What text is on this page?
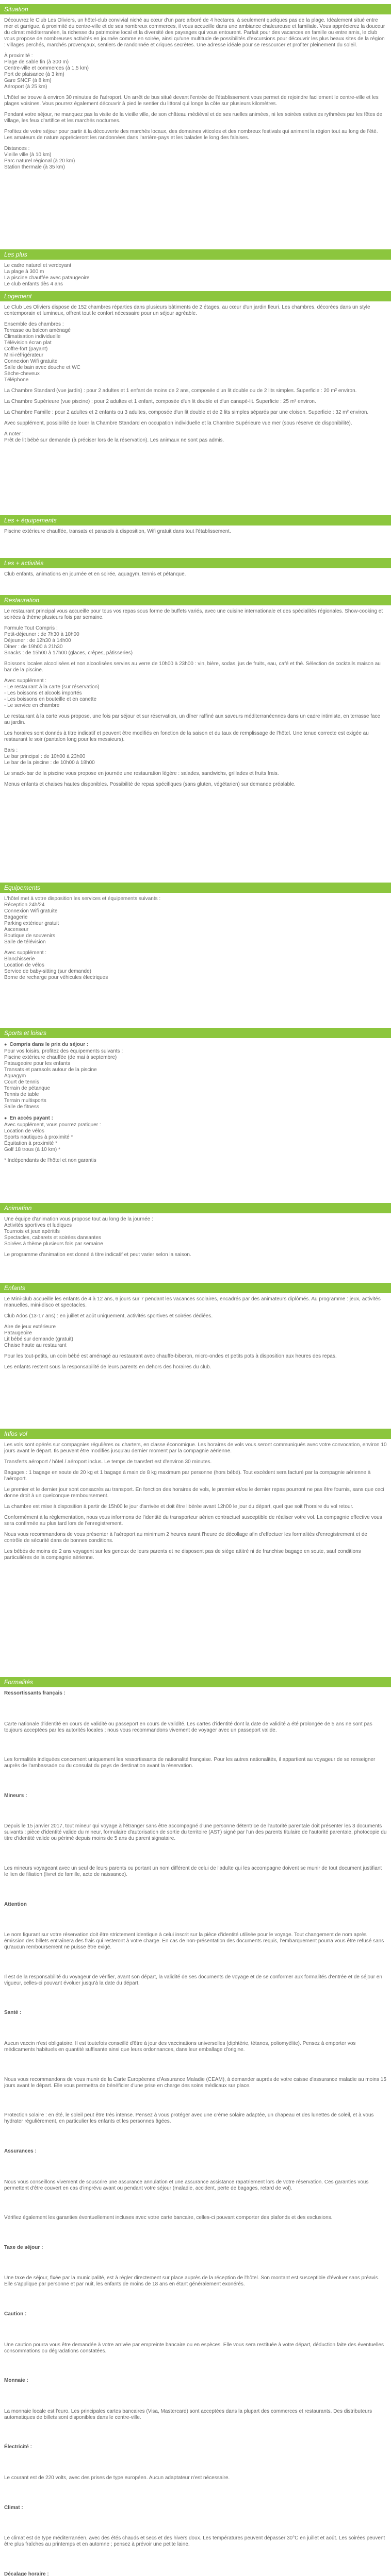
Situation
Découvrez le Club Les Oliviers, un hôtel-club convivial niché au cœur d'un parc arboré de 4 hectares, à seulement quelques pas de la plage. Idéalement situé entre mer et garrigue, à proximité du centre-ville et de ses nombreux commerces, il vous accueille dans une ambiance chaleureuse et familiale. Vous apprécierez la douceur du climat méditerranéen, la richesse du patrimoine local et la diversité des paysages qui vous entourent. Parfait pour des vacances en famille ou entre amis, le club vous propose de nombreuses activités en journée comme en soirée, ainsi qu'une multitude de possibilités d'excursions pour découvrir les plus beaux sites de la région : villages perchés, marchés provençaux, sentiers de randonnée et criques secrètes. Une adresse idéale pour se ressourcer et profiter pleinement du soleil.
À proximité :
Plage de sable fin (à 300 m)
Centre-ville et commerces (à 1,5 km)
Port de plaisance (à 3 km)
Gare SNCF (à 8 km)
Aéroport (à 25 km)
L'hôtel se trouve à environ 30 minutes de l'aéroport. Un arrêt de bus situé devant l'entrée de l'établissement vous permet de rejoindre facilement le centre-ville et les plages voisines. Vous pourrez également découvrir à pied le sentier du littoral qui longe la côte sur plusieurs kilomètres.
Pendant votre séjour, ne manquez pas la visite de la vieille ville, de son château médiéval et de ses ruelles animées, ni les soirées estivales rythmées par les fêtes de village, les feux d'artifice et les marchés nocturnes.
Profitez de votre séjour pour partir à la découverte des marchés locaux, des domaines viticoles et des nombreux festivals qui animent la région tout au long de l'été. Les amateurs de nature apprécieront les randonnées dans l'arrière-pays et les balades le long des falaises.
Distances :
Vieille ville (à 10 km)
Parc naturel régional (à 20 km)
Station thermale (à 35 km)
Les plus
Le cadre naturel et verdoyant
La plage à 300 m
La piscine chauffée avec pataugeoire
Le club enfants dès 4 ans
Logement
Le Club Les Oliviers dispose de 152 chambres réparties dans plusieurs bâtiments de 2 étages, au cœur d'un jardin fleuri. Les chambres, décorées dans un style contemporain et lumineux, offrent tout le confort nécessaire pour un séjour agréable.
Ensemble des chambres :
Terrasse ou balcon aménagé
Climatisation individuelle
Télévision écran plat
Coffre-fort (payant)
Mini-réfrigérateur
Connexion Wifi gratuite
Salle de bain avec douche et WC
Sèche-cheveux
Téléphone
La Chambre Standard (vue jardin) : pour 2 adultes et 1 enfant de moins de 2 ans, composée d'un lit double ou de 2 lits simples. Superficie : 20 m² environ.
La Chambre Supérieure (vue piscine) : pour 2 adultes et 1 enfant, composée d'un lit double et d'un canapé-lit. Superficie : 25 m² environ.
La Chambre Famille : pour 2 adultes et 2 enfants ou 3 adultes, composée d'un lit double et de 2 lits simples séparés par une cloison. Superficie : 32 m² environ.
Avec supplément, possibilité de louer la Chambre Standard en occupation individuelle et la Chambre Supérieure vue mer (sous réserve de disponibilité).
À noter :
Prêt de lit bébé sur demande (à préciser lors de la réservation). Les animaux ne sont pas admis.
Les + équipements
Piscine extérieure chauffée, transats et parasols à disposition, Wifi gratuit dans tout l'établissement.
Les + activités
Club enfants, animations en journée et en soirée, aquagym, tennis et pétanque.
Restauration
Le restaurant principal vous accueille pour tous vos repas sous forme de buffets variés, avec une cuisine internationale et des spécialités régionales. Show-cooking et soirées à thème plusieurs fois par semaine.
Formule Tout Compris :
Petit-déjeuner : de 7h30 à 10h00
Déjeuner : de 12h30 à 14h00
Dîner : de 19h00 à 21h30
Snacks : de 15h00 à 17h00 (glaces, crêpes, pâtisseries)
Boissons locales alcoolisées et non alcoolisées servies au verre de 10h00 à 23h00 : vin, bière, sodas, jus de fruits, eau, café et thé. Sélection de cocktails maison au bar de la piscine.
Avec supplément :
- Le restaurant à la carte (sur réservation)
- Les boissons et alcools importés
- Les boissons en bouteille et en canette
- Le service en chambre
Le restaurant à la carte vous propose, une fois par séjour et sur réservation, un dîner raffiné aux saveurs méditerranéennes dans un cadre intimiste, en terrasse face au jardin.
Les horaires sont donnés à titre indicatif et peuvent être modifiés en fonction de la saison et du taux de remplissage de l'hôtel. Une tenue correcte est exigée au restaurant le soir (pantalon long pour les messieurs).
Bars :
Le bar principal : de 10h00 à 23h00
Le bar de la piscine : de 10h00 à 18h00
Le snack-bar de la piscine vous propose en journée une restauration légère : salades, sandwichs, grillades et fruits frais.
Menus enfants et chaises hautes disponibles. Possibilité de repas spécifiques (sans gluten, végétarien) sur demande préalable.
Equipements
L'hôtel met à votre disposition les services et équipements suivants :
Réception 24h/24
Connexion Wifi gratuite
Bagagerie
Parking extérieur gratuit
Ascenseur
Boutique de souvenirs
Salle de télévision
Avec supplément :
Blanchisserie
Location de vélos
Service de baby-sitting (sur demande)
Borne de recharge pour véhicules électriques
Sports et loisirs
● Compris dans le prix du séjour :
Pour vos loisirs, profitez des équipements suivants :
Piscine extérieure chauffée (de mai à septembre)
Pataugeoire pour les enfants
Transats et parasols autour de la piscine
Aquagym
Court de tennis
Terrain de pétanque
Tennis de table
Terrain multisports
Salle de fitness
● En accès payant :
Avec supplément, vous pourrez pratiquer :
Location de vélos
Sports nautiques à proximité *
Équitation à proximité *
Golf 18 trous (à 10 km) *
* Indépendants de l'hôtel et non garantis
Animation
Une équipe d'animation vous propose tout au long de la journée :
Activités sportives et ludiques
Tournois et jeux apéritifs
Spectacles, cabarets et soirées dansantes
Soirées à thème plusieurs fois par semaine
Le programme d'animation est donné à titre indicatif et peut varier selon la saison.
Enfants
Le Mini-club accueille les enfants de 4 à 12 ans, 6 jours sur 7 pendant les vacances scolaires, encadrés par des animateurs diplômés. Au programme : jeux, activités manuelles, mini-disco et spectacles.
Club Ados (13-17 ans) : en juillet et août uniquement, activités sportives et soirées dédiées.
Aire de jeux extérieure
Pataugeoire
Lit bébé sur demande (gratuit)
Chaise haute au restaurant
Pour les tout-petits, un coin bébé est aménagé au restaurant avec chauffe-biberon, micro-ondes et petits pots à disposition aux heures des repas.
Les enfants restent sous la responsabilité de leurs parents en dehors des horaires du club.
Infos vol
Les vols sont opérés sur compagnies régulières ou charters, en classe économique. Les horaires de vols vous seront communiqués avec votre convocation, environ 10 jours avant le départ. Ils peuvent être modifiés jusqu'au dernier moment par la compagnie aérienne.
Transferts aéroport / hôtel / aéroport inclus. Le temps de transfert est d'environ 30 minutes.
Bagages : 1 bagage en soute de 20 kg et 1 bagage à main de 8 kg maximum par personne (hors bébé). Tout excédent sera facturé par la compagnie aérienne à l'aéroport.
Le premier et le dernier jour sont consacrés au transport. En fonction des horaires de vols, le premier et/ou le dernier repas pourront ne pas être fournis, sans que ceci donne droit à un quelconque remboursement.
La chambre est mise à disposition à partir de 15h00 le jour d'arrivée et doit être libérée avant 12h00 le jour du départ, quel que soit l'horaire du vol retour.
Conformément à la réglementation, nous vous informons de l'identité du transporteur aérien contractuel susceptible de réaliser votre vol. La compagnie effective vous sera confirmée au plus tard lors de l'enregistrement.
Nous vous recommandons de vous présenter à l'aéroport au minimum 2 heures avant l'heure de décollage afin d'effectuer les formalités d'enregistrement et de contrôle de sécurité dans de bonnes conditions.
Les bébés de moins de 2 ans voyagent sur les genoux de leurs parents et ne disposent pas de siège attitré ni de franchise bagage en soute, sauf conditions particulières de la compagnie aérienne.
Formalités
Ressortissants français :
Carte nationale d'identité en cours de validité ou passeport en cours de validité. Les cartes d'identité dont la date de validité a été prolongée de 5 ans ne sont pas toujours acceptées par les autorités locales ; nous vous recommandons vivement de voyager avec un passeport valide.
Les formalités indiquées concernent uniquement les ressortissants de nationalité française. Pour les autres nationalités, il appartient au voyageur de se renseigner auprès de l'ambassade ou du consulat du pays de destination avant la réservation.
Mineurs :
Depuis le 15 janvier 2017, tout mineur qui voyage à l'étranger sans être accompagné d'une personne détentrice de l'autorité parentale doit présenter les 3 documents suivants : pièce d'identité valide du mineur, formulaire d'autorisation de sortie du territoire (AST) signé par l'un des parents titulaire de l'autorité parentale, photocopie du titre d'identité valide ou périmé depuis moins de 5 ans du parent signataire.
Les mineurs voyageant avec un seul de leurs parents ou portant un nom différent de celui de l'adulte qui les accompagne doivent se munir de tout document justifiant le lien de filiation (livret de famille, acte de naissance).
Attention
Le nom figurant sur votre réservation doit être strictement identique à celui inscrit sur la pièce d'identité utilisée pour le voyage. Tout changement de nom après émission des billets entraînera des frais qui resteront à votre charge. En cas de non-présentation des documents requis, l'embarquement pourra vous être refusé sans qu'aucun remboursement ne puisse être exigé.
Il est de la responsabilité du voyageur de vérifier, avant son départ, la validité de ses documents de voyage et de se conformer aux formalités d'entrée et de séjour en vigueur, celles-ci pouvant évoluer jusqu'à la date du départ.
Santé :
Aucun vaccin n'est obligatoire. Il est toutefois conseillé d'être à jour des vaccinations universelles (diphtérie, tétanos, poliomyélite). Pensez à emporter vos médicaments habituels en quantité suffisante ainsi que leurs ordonnances, dans leur emballage d'origine.
Nous vous recommandons de vous munir de la Carte Européenne d'Assurance Maladie (CEAM), à demander auprès de votre caisse d'assurance maladie au moins 15 jours avant le départ. Elle vous permettra de bénéficier d'une prise en charge des soins médicaux sur place.
Protection solaire : en été, le soleil peut être très intense. Pensez à vous protéger avec une crème solaire adaptée, un chapeau et des lunettes de soleil, et à vous hydrater régulièrement, en particulier les enfants et les personnes âgées.
Assurances :
Nous vous conseillons vivement de souscrire une assurance annulation et une assurance assistance rapatriement lors de votre réservation. Ces garanties vous permettent d'être couvert en cas d'imprévu avant ou pendant votre séjour (maladie, accident, perte de bagages, retard de vol).
Vérifiez également les garanties éventuellement incluses avec votre carte bancaire, celles-ci pouvant comporter des plafonds et des exclusions.
Taxe de séjour :
Une taxe de séjour, fixée par la municipalité, est à régler directement sur place auprès de la réception de l'hôtel. Son montant est susceptible d'évoluer sans préavis. Elle s'applique par personne et par nuit, les enfants de moins de 18 ans en étant généralement exonérés.
Caution :
Une caution pourra vous être demandée à votre arrivée par empreinte bancaire ou en espèces. Elle vous sera restituée à votre départ, déduction faite des éventuelles consommations ou dégradations constatées.
Monnaie :
La monnaie locale est l'euro. Les principales cartes bancaires (Visa, Mastercard) sont acceptées dans la plupart des commerces et restaurants. Des distributeurs automatiques de billets sont disponibles dans le centre-ville.
Électricité :
Le courant est de 220 volts, avec des prises de type européen. Aucun adaptateur n'est nécessaire.
Climat :
Le climat est de type méditerranéen, avec des étés chauds et secs et des hivers doux. Les températures peuvent dépasser 30°C en juillet et août. Les soirées peuvent être plus fraîches au printemps et en automne ; pensez à prévoir une petite laine.
Décalage horaire :
